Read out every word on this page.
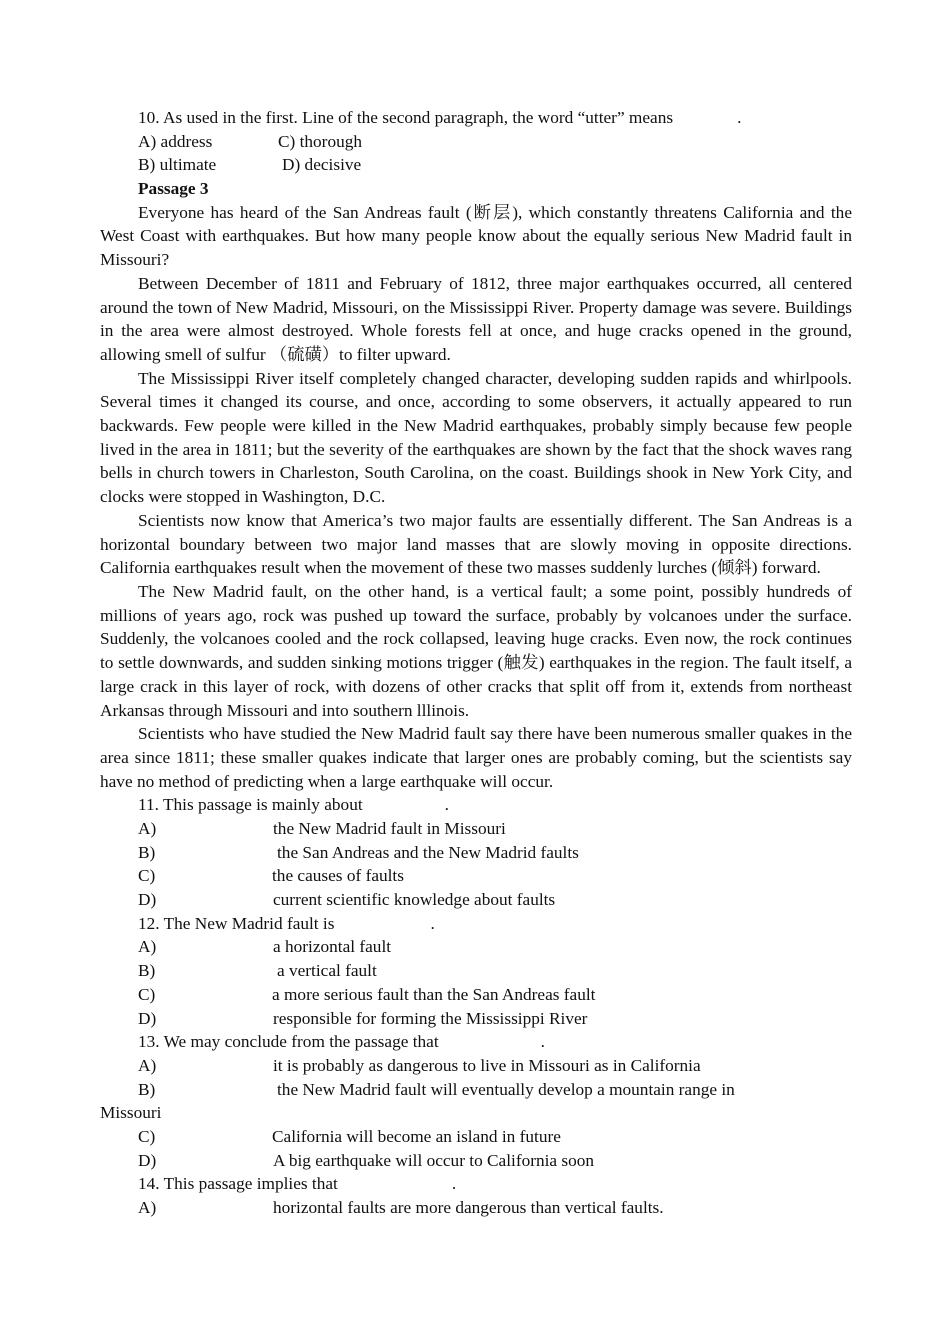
10. As used in the first. Line of the second paragraph, the word “utter” means	.
A) address	C) thorough
B) ultimate	D) decisive
Passage 3
Everyone has heard of the San Andreas fault (断层), which constantly threatens California and the West Coast with earthquakes. But how many people know about the equally serious New Madrid fault in Missouri?
Between December of 1811 and February of 1812, three major earthquakes occurred, all centered around the town of New Madrid, Missouri, on the Mississippi River. Property damage was severe. Buildings in the area were almost destroyed. Whole forests fell at once, and huge cracks opened in the ground, allowing smell of sulfur （硫磺）to filter upward.
The Mississippi River itself completely changed character, developing sudden rapids and whirlpools. Several times it changed its course, and once, according to some observers, it actually appeared to run backwards. Few people were killed in the New Madrid earthquakes, probably simply because few people lived in the area in 1811; but the severity of the earthquakes are shown by the fact that the shock waves rang bells in church towers in Charleston, South Carolina, on the coast. Buildings shook in New York City, and clocks were stopped in Washington, D.C.
Scientists now know that America’s two major faults are essentially different. The San Andreas is a horizontal boundary between two major land masses that are slowly moving in opposite directions. California earthquakes result when the movement of these two masses suddenly lurches (倾斜) forward.
The New Madrid fault, on the other hand, is a vertical fault; a some point, possibly hundreds of millions of years ago, rock was pushed up toward the surface, probably by volcanoes under the surface. Suddenly, the volcanoes cooled and the rock collapsed, leaving huge cracks. Even now, the rock continues to settle downwards, and sudden sinking motions trigger (触发) earthquakes in the region. The fault itself, a large crack in this layer of rock, with dozens of other cracks that split off from it, extends from northeast Arkansas through Missouri and into southern lllinois.
Scientists who have studied the New Madrid fault say there have been numerous smaller quakes in the area since 1811; these smaller quakes indicate that larger ones are probably coming, but the scientists say have no method of predicting when a large earthquake will occur.
11. This passage is mainly about	.
A)	the New Madrid fault in Missouri
B)	the San Andreas and the New Madrid faults
C)	the causes of faults
D)	current scientific knowledge about faults
12. The New Madrid fault is	.
A)	a horizontal fault
B)	a vertical fault
C)	a more serious fault than the San Andreas fault
D)	responsible for forming the Mississippi River
13. We may conclude from the passage that	.
A)	it is probably as dangerous to live in Missouri as in California
B)	the New Madrid fault will eventually develop a mountain range in
Missouri
C)	California will become an island in future
D)	A big earthquake will occur to California soon
14. This passage implies that	.
A)	horizontal faults are more dangerous than vertical faults.
